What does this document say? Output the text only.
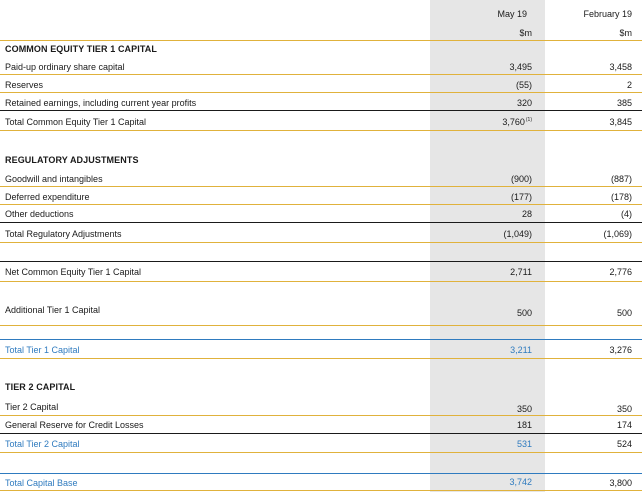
May 19	February 19
$m	$m
COMMON EQUITY TIER 1 CAPITAL
Paid-up ordinary share capital	3,495	3,458
Reserves	(55)	2
Retained earnings, including current year profits	320	385
Total Common Equity Tier 1 Capital	3,760$^{(1)}$	3,845
REGULATORY ADJUSTMENTS
Goodwill and intangibles	(900)	(887)
Deferred expenditure	(177)	(178)
Other deductions	28	(4)
Total Regulatory Adjustments	(1,049)	(1,069)
Net Common Equity Tier 1 Capital	2,711	2,776
Additional Tier 1 Capital	500	500
Total Tier 1 Capital	3,211	3,276
TIER 2 CAPITAL
Tier 2 Capital	350	350
General Reserve for Credit Losses	181	174
Total Tier 2 Capital	531	524
Total Capital Base	3,742	3,800
